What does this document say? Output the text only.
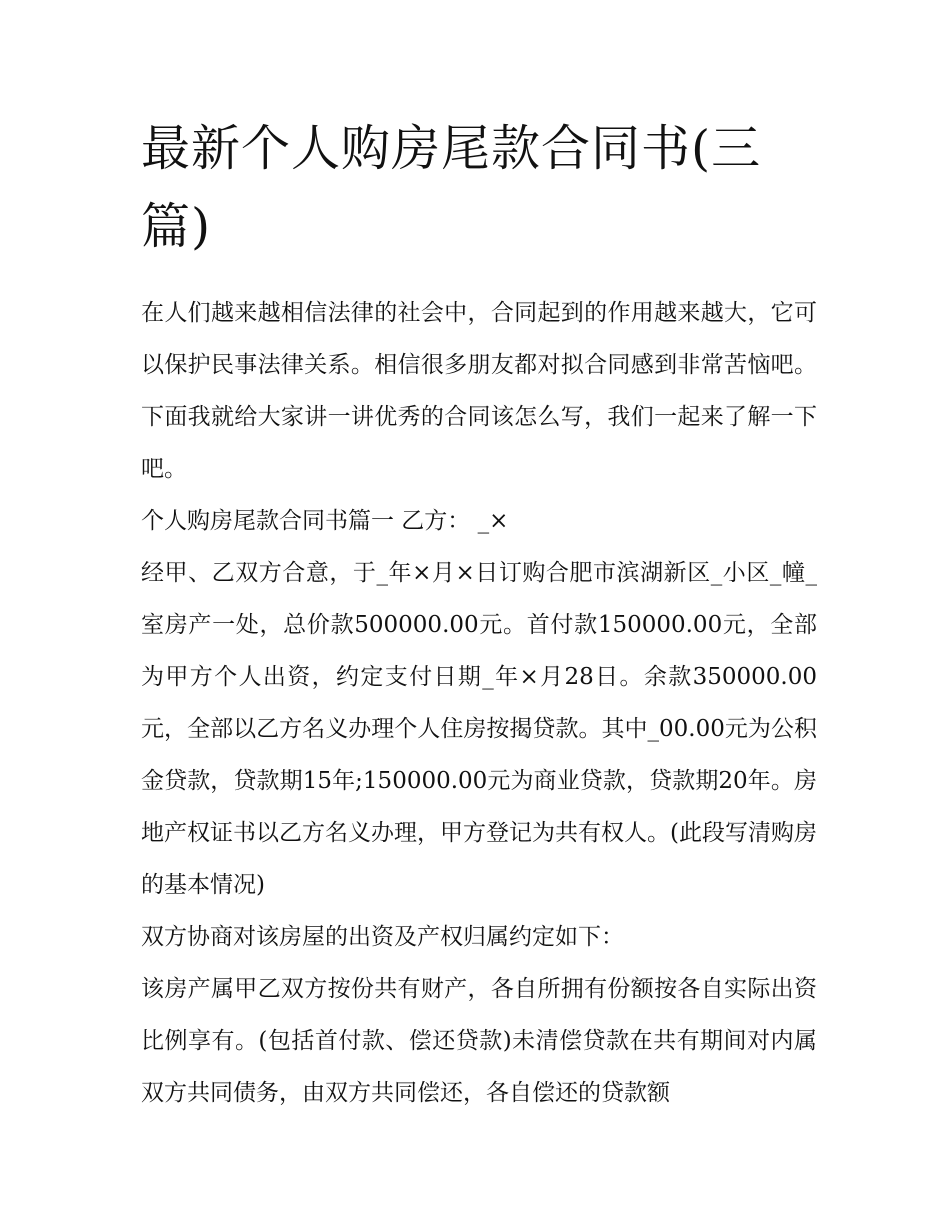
最新个人购房尾款合同书(三篇)

在人们越来越相信法律的社会中，合同起到的作用越来越大，它可以保护民事法律关系。相信很多朋友都对拟合同感到非常苦恼吧。下面我就给大家讲一讲优秀的合同该怎么写，我们一起来了解一下吧。

个人购房尾款合同书篇一 乙方： _×

经甲、乙双方合意，于_年×月×日订购合肥市滨湖新区_小区_幢_室房产一处，总价款500000.00元。首付款150000.00元，全部为甲方个人出资，约定支付日期_年×月28日。余款350000.00元，全部以乙方名义办理个人住房按揭贷款。其中_00.00元为公积金贷款，贷款期15年;150000.00元为商业贷款，贷款期20年。房地产权证书以乙方名义办理，甲方登记为共有权人。(此段写清购房的基本情况)

双方协商对该房屋的出资及产权归属约定如下：

该房产属甲乙双方按份共有财产，各自所拥有份额按各自实际出资比例享有。(包括首付款、偿还贷款)未清偿贷款在共有期间对内属双方共同债务，由双方共同偿还，各自偿还的贷款额
